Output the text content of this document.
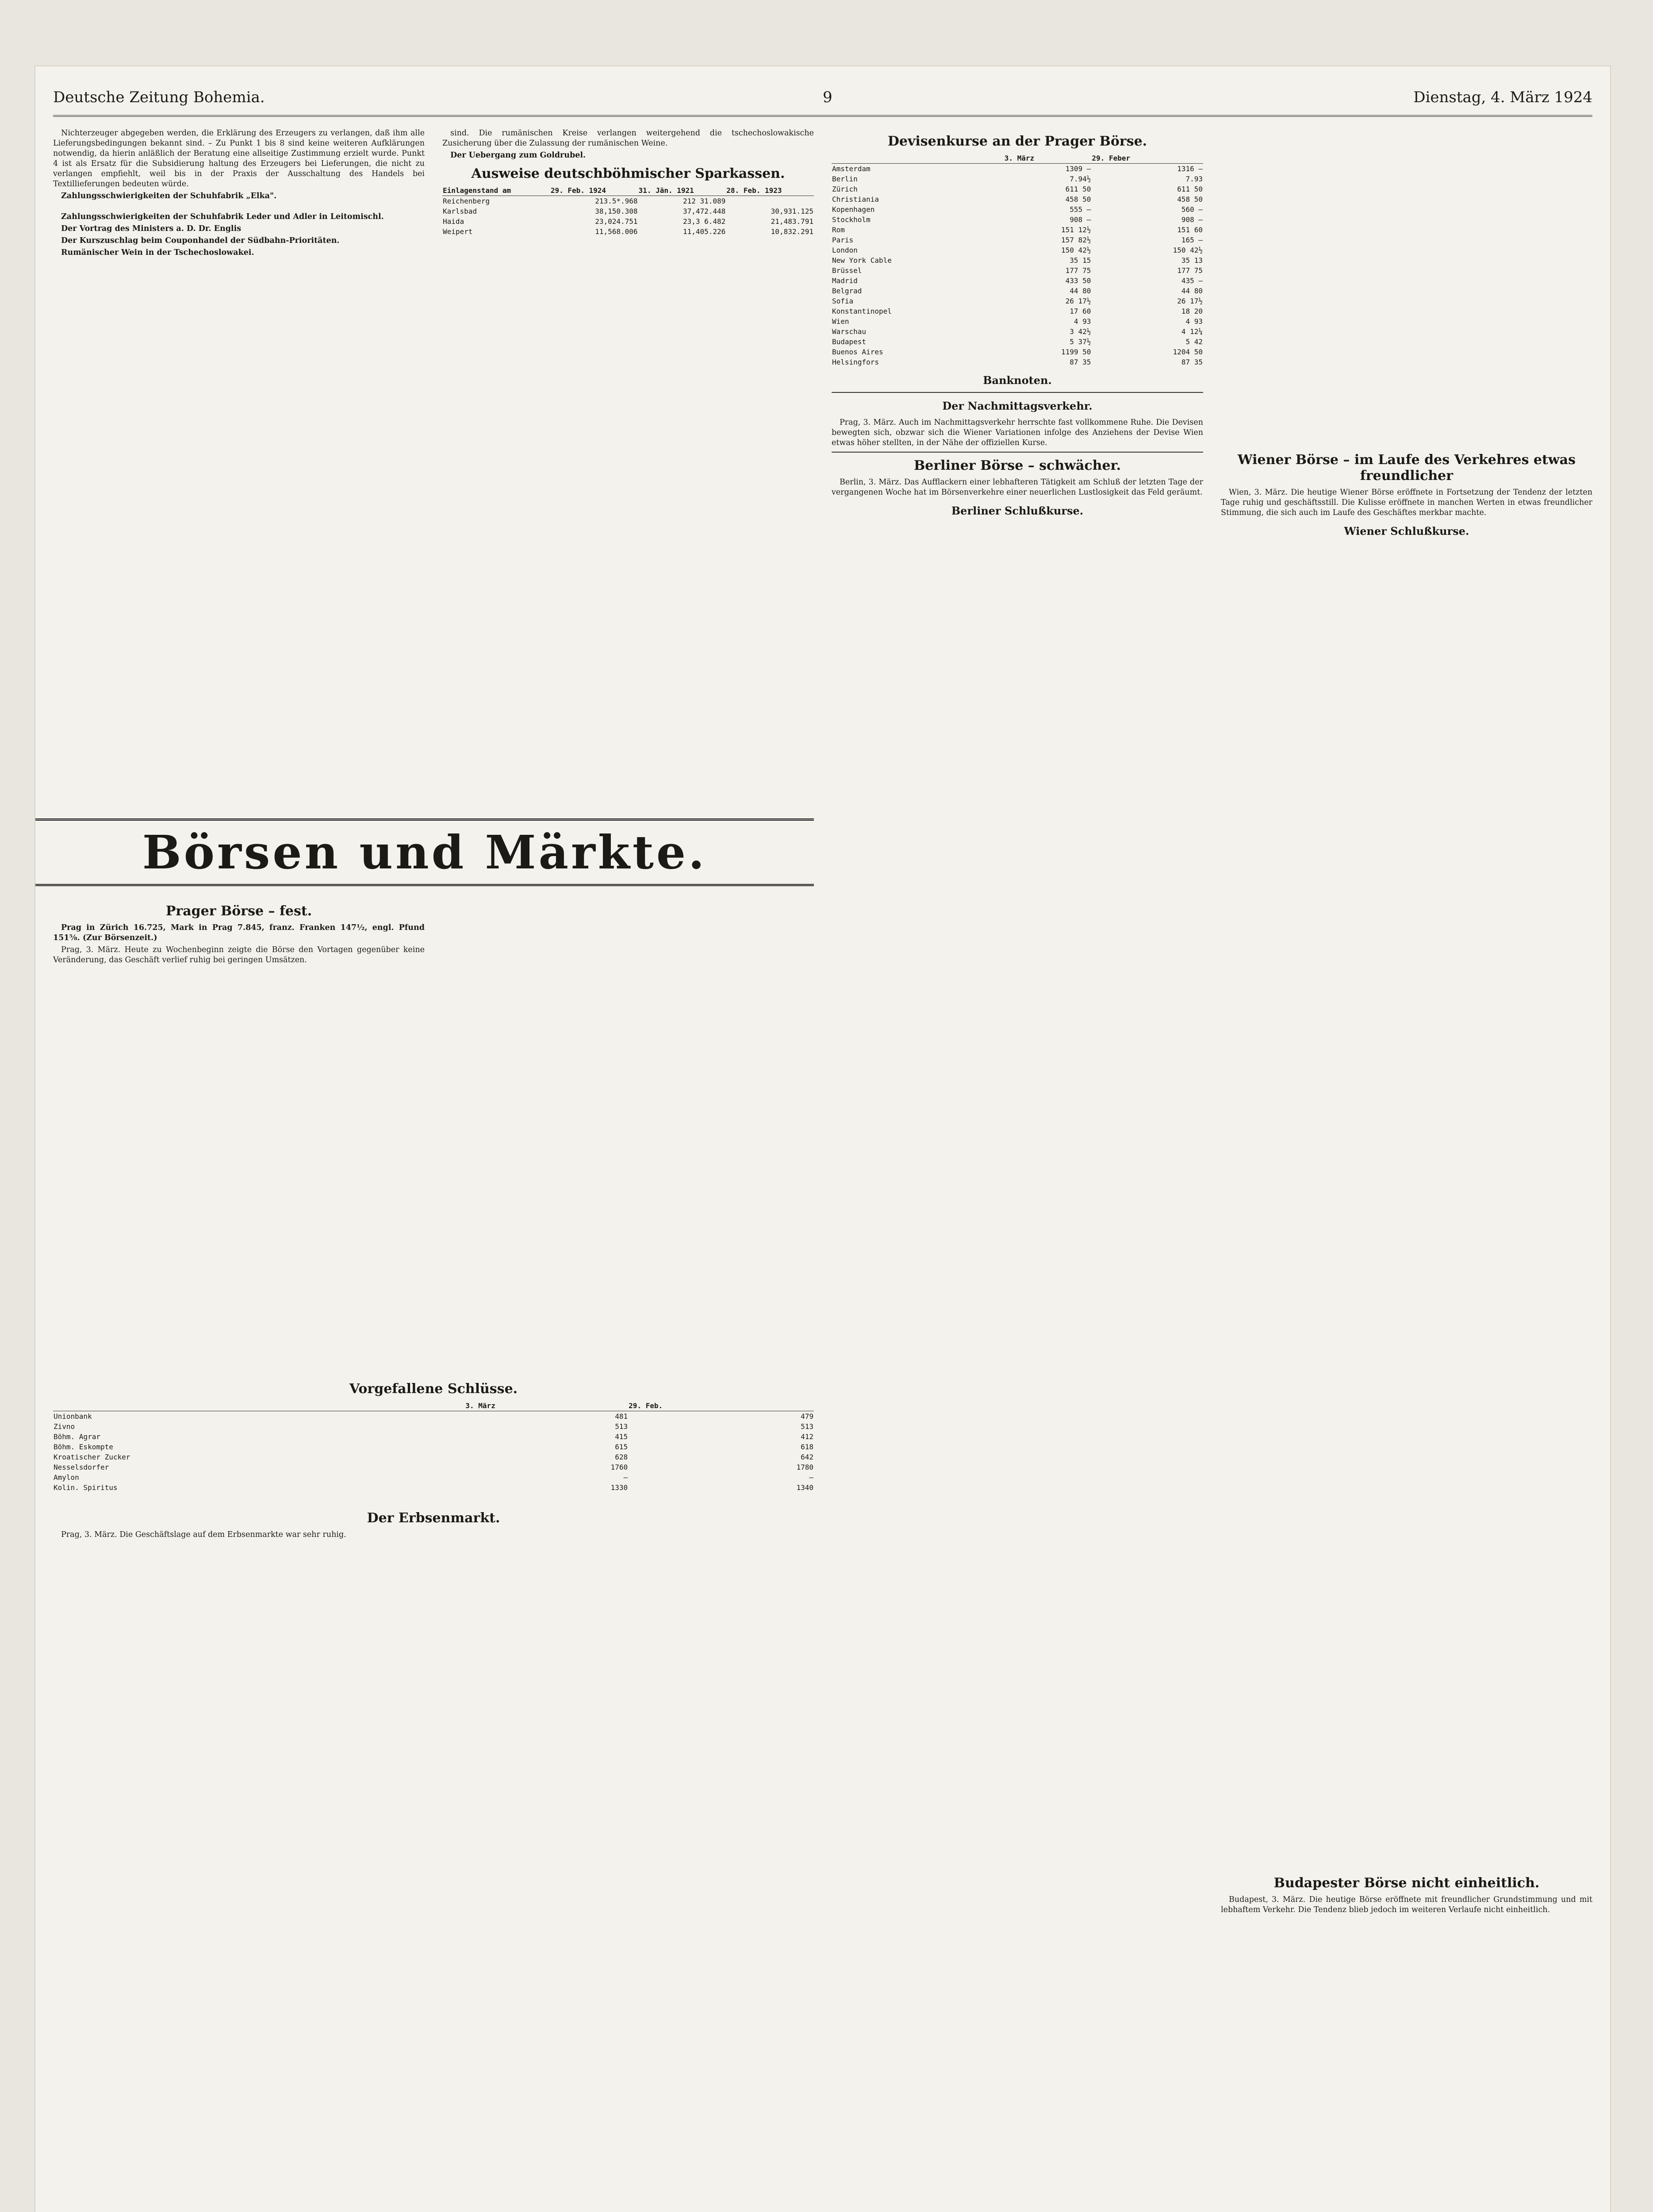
Deutsche Zeitung Bohemia.	9	Dienstag, 4. März 1924

Nichterzeuger abgegeben werden, die Erklärung des Erzeugers zu verlangen, daß ihm alle Lieferungsbedingungen bekannt sind. – Zu Punkt 1 bis 8 sind keine weiteren Aufklärungen notwendig, da hierin anläßlich der Beratung eine allseitige Zustimmung erzielt wurde. Punkt 4 ist als Ersatz für die Subsidierung haltung des Erzeugers bei Lieferungen, die nicht zu verlangen empfiehlt, weil bis in der Praxis der Ausschaltung des Handels bei Textillieferungen bedeuten würde.

Zahlungsschwierigkeiten der Schuhfabrik „Elka".

Zahlungsschwierigkeiten der Schuhfabrik Leder und Adler in Leitomischl.

Der Vortrag des Ministers a. D. Dr. Englis

Der Kurszuschlag beim Couponhandel der Südbahn-Prioritäten.

Rumänischer Wein in der Tschechoslowakei.

sind. Die rumänischen Kreise verlangen weitergehend die tschechoslowakische Zusicherung über die Zulassung der rumänischen Weine.

Der Uebergang zum Goldrubel.

Ausweise deutschböhmischer Sparkassen.
Einlagenstand am	29. Feb. 1924	31. Jän. 1921	28. Feb. 1923
Reichenberg	213.5*.968	212 31.089	
Karlsbad	38,150.308	37,472.448	30,931.125
Haida	23,024.751	23,3 6.482	21,483.791
Weipert	11,568.006	11,405.226	10,832.291
Börsen und Märkte.
Prager Börse – fest.

Prag in Zürich 16.725, Mark in Prag 7.845, franz. Franken 147½, engl. Pfund 151⅝. (Zur Börsenzeit.)

Prag, 3. März. Heute zu Wochenbeginn zeigte die Börse den Vortagen gegenüber keine Veränderung, das Geschäft verlief ruhig bei geringen Umsätzen.

Vorgefallene Schlüsse.
	3. März	29. Feb.
Unionbank	481	479
Zivno	513	513
Böhm. Agrar	415	412
Böhm. Eskompte	615	618
Kroatischer Zucker	628	642
Nesselsdorfer	1760	1780
Amylon	—	—
Kolin. Spiritus	1330	1340
Der Erbsenmarkt.

Prag, 3. März. Die Geschäftslage auf dem Erbsenmarkte war sehr ruhig.

Devisenkurse an der Prager Börse.
	3. März	29. Feber
Amsterdam	1309 –	1316 –
Berlin	7.94½	7.93
Zürich	611 50	611 50
Christiania	458 50	458 50
Kopenhagen	555 –	560 –
Stockholm	908 –	908 –
Rom	151 12½	151 60
Paris	157 82½	165 –
London	150 42½	150 42½
New York Cable	35 15	35 13
Brüssel	177 75	177 75
Madrid	433 50	435 –
Belgrad	44 80	44 80
Sofia	26 17½	26 17½
Konstantinopel	17 60	18 20
Wien	4 93	4 93
Warschau	3 42½	4 12¼
Budapest	5 37½	5 42
Buenos Aires	1199 50	1204 50
Helsingfors	87 35	87 35
Banknoten.
Der Nachmittagsverkehr.

Prag, 3. März. Auch im Nachmittagsverkehr herrschte fast vollkommene Ruhe. Die Devisen bewegten sich, obzwar sich die Wiener Variationen infolge des Anziehens der Devise Wien etwas höher stellten, in der Nähe der offiziellen Kurse.

Berliner Börse – schwächer.

Berlin, 3. März. Das Aufflackern einer lebhafteren Tätigkeit am Schluß der letzten Tage der vergangenen Woche hat im Börsenverkehre einer neuerlichen Lustlosigkeit das Feld geräumt.

Berliner Schlußkurse.

Wiener Börse – im Laufe des Verkehres etwas freundlicher

Wien, 3. März. Die heutige Wiener Börse eröffnete in Fortsetzung der Tendenz der letzten Tage ruhig und geschäftsstill. Die Kulisse eröffnete in manchen Werten in etwas freundlicher Stimmung, die sich auch im Laufe des Geschäftes merkbar machte.

Wiener Schlußkurse.

Budapester Börse nicht einheitlich.

Budapest, 3. März. Die heutige Börse eröffnete mit freundlicher Grundstimmung und mit lebhaftem Verkehr. Die Tendenz blieb jedoch im weiteren Verlaufe nicht einheitlich.
